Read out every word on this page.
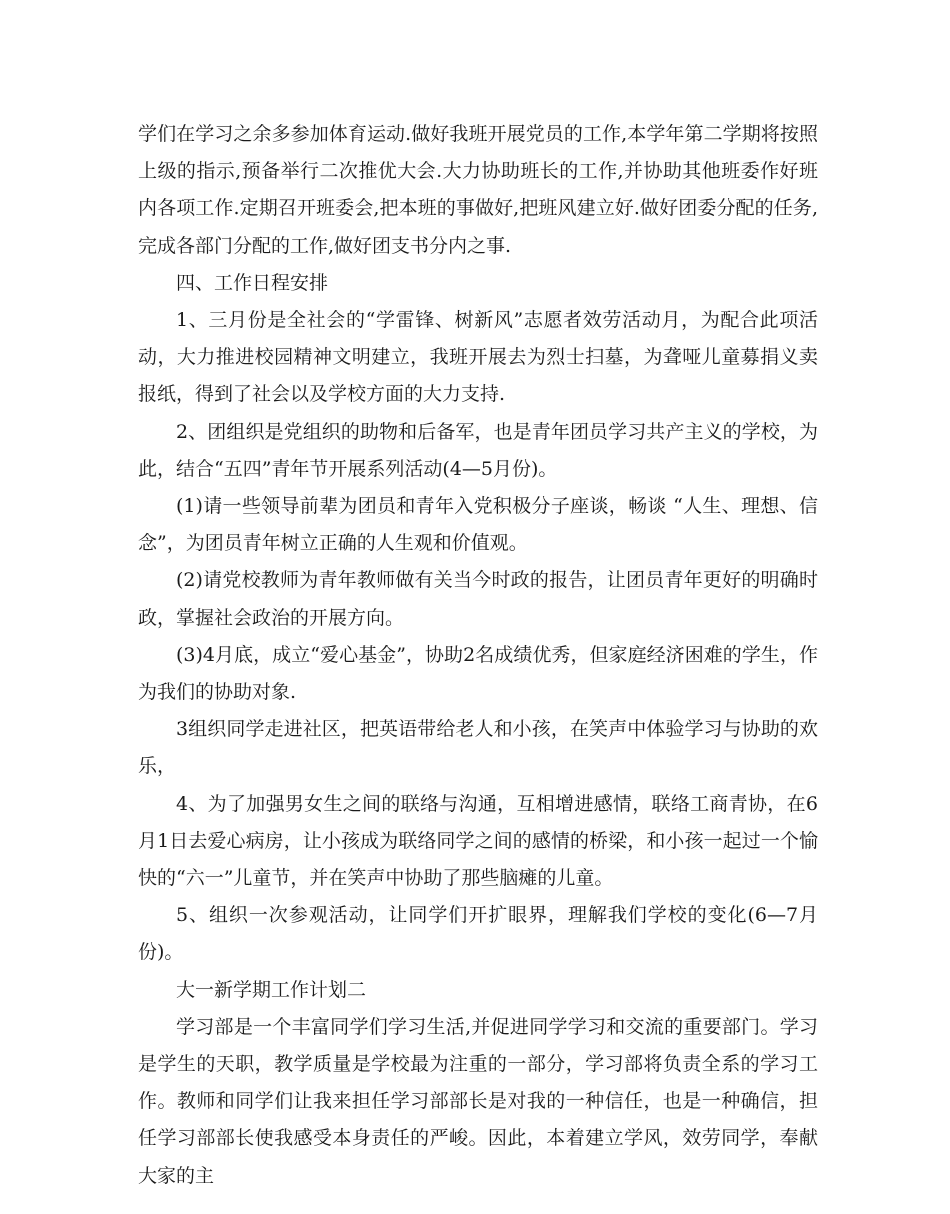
学们在学习之余多参加体育运动.做好我班开展党员的工作,本学年第二学期将按照上级的指示,预备举行二次推优大会.大力协助班长的工作,并协助其他班委作好班内各项工作.定期召开班委会,把本班的事做好,把班风建立好.做好团委分配的任务,完成各部门分配的工作,做好团支书分内之事.

四、工作日程安排

1、三月份是全社会的“学雷锋、树新风”志愿者效劳活动月，为配合此项活动，大力推进校园精神文明建立，我班开展去为烈士扫墓，为聋哑儿童募捐义卖报纸，得到了社会以及学校方面的大力支持.

2、团组织是党组织的助物和后备军，也是青年团员学习共产主义的学校，为此，结合“五四”青年节开展系列活动(4—5月份)。

(1)请一些领导前辈为团员和青年入党积极分子座谈，畅谈 “人生、理想、信念”，为团员青年树立正确的人生观和价值观。

(2)请党校教师为青年教师做有关当今时政的报告，让团员青年更好的明确时政，掌握社会政治的开展方向。

(3)4月底，成立“爱心基金”，协助2名成绩优秀，但家庭经济困难的学生，作为我们的协助对象.

3组织同学走进社区，把英语带给老人和小孩，在笑声中体验学习与协助的欢乐，

4、为了加强男女生之间的联络与沟通，互相增进感情，联络工商青协，在6月1日去爱心病房，让小孩成为联络同学之间的感情的桥梁，和小孩一起过一个愉快的“六一”儿童节，并在笑声中协助了那些脑瘫的儿童。

5、组织一次参观活动，让同学们开扩眼界，理解我们学校的变化(6—7月份)。

大一新学期工作计划二

学习部是一个丰富同学们学习生活,并促进同学学习和交流的重要部门。学习是学生的天职，教学质量是学校最为注重的一部分，学习部将负责全系的学习工作。教师和同学们让我来担任学习部部长是对我的一种信任，也是一种确信，担任学习部部长使我感受本身责任的严峻。因此，本着建立学风，效劳同学，奉献大家的主
